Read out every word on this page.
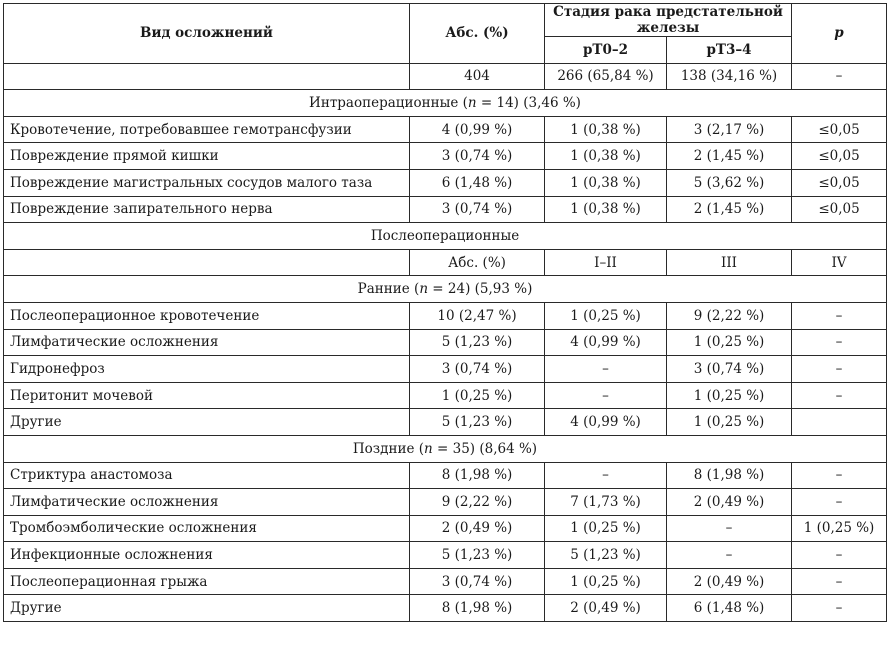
Вид осложнений	Абс. (%)	Стадия рака предстательной железы		p
		pT0–2	pT3–4	
	404	266 (65,84 %)	138 (34,16 %)	–
Интраоперационные (n = 14) (3,46 %)				
Кровотечение, потребовавшее гемотрансфузии	4 (0,99 %)	1 (0,38 %)	3 (2,17 %)	≤0,05
Повреждение прямой кишки	3 (0,74 %)	1 (0,38 %)	2 (1,45 %)	≤0,05
Повреждение магистральных сосудов малого таза	6 (1,48 %)	1 (0,38 %)	5 (3,62 %)	≤0,05
Повреждение запирательного нерва	3 (0,74 %)	1 (0,38 %)	2 (1,45 %)	≤0,05
Послеоперационные				
	Абс. (%)	I–II	III	IV
Ранние (n = 24) (5,93 %)				
Послеоперационное кровотечение	10 (2,47 %)	1 (0,25 %)	9 (2,22 %)	–
Лимфатические осложнения	5 (1,23 %)	4 (0,99 %)	1 (0,25 %)	–
Гидронефроз	3 (0,74 %)	–	3 (0,74 %)	–
Перитонит мочевой	1 (0,25 %)	–	1 (0,25 %)	–
Другие	5 (1,23 %)	4 (0,99 %)	1 (0,25 %)	
Поздние (n = 35) (8,64 %)				
Стриктура анастомоза	8 (1,98 %)	–	8 (1,98 %)	–
Лимфатические осложнения	9 (2,22 %)	7 (1,73 %)	2 (0,49 %)	–
Тромбоэмболические осложнения	2 (0,49 %)	1 (0,25 %)	–	1 (0,25 %)
Инфекционные осложнения	5 (1,23 %)	5 (1,23 %)	–	–
Послеоперационная грыжа	3 (0,74 %)	1 (0,25 %)	2 (0,49 %)	–
Другие	8 (1,98 %)	2 (0,49 %)	6 (1,48 %)	–
